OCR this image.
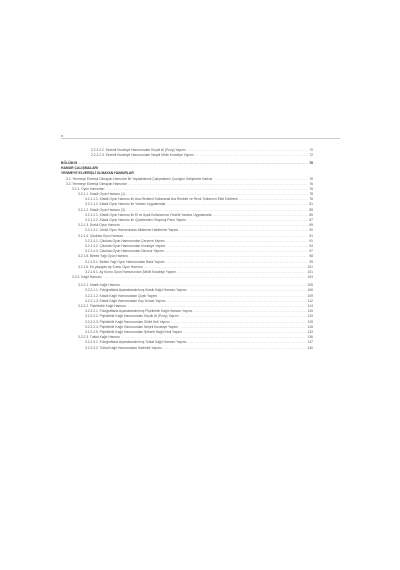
x
2.2.2.2.2. Sevimli Kurabiye Hamurundan Küçük Al (Pony) Yapımı .....	70
2.2.2.2.3. Sevimli Kurabiye Hamurundan Neşeli Minik Kurabiye Yapımı .....	72
BÖLÜM III .....	76
HAMUR ÇALIŞMALARI
YENMEYE ELVERİŞLİ OLMAYAN HAMURLAR
3.1. Yenmeye Elverişli Olmayan Hamurlar İle Yapılabilecek Çalışmaların Çocuğun Gelişimine Katkısı .....	76
3.2. Yenmeye Elverişli Olmayan Hamurlar .....	76
3.2.1. Oyun Hamurları .....	76
3.2.1.1. Klasik Oyun Hamuru (1) .....	78
3.2.1.1.1. Klasik Oyun Hamuru ile Ana Renkleri Kullanarak Ara Renkler ve Renk Tonlarının Elde Edilmesi .....	78
3.2.1.1.2. Klasik Oyun Hamuru ile Yaratıcı Uygulamalar .....	81
3.2.1.2. Klasik Oyun Hamuru (2) .....	85
3.2.1.2.1. Klasik Oyun Hamuru ile El ve Ayak Kullanımına Yönelik Yaratıcı Uygulamalar .....	85
3.2.1.2.2. Klasik Oyun Hamuru ile Çiçeklerden Oluşmuş Pano Yapımı .....	87
3.2.1.3. Ürekli Oyun Hamuru .....	89
3.2.1.3.1. Ürekli Oyun Hamurundan Alfabenin Harflerinin Yapımı .....	90
3.2.1.4. Çikolata Oyun Hamuru .....	91
3.2.1.4.1. Çikolata Oyun Hamurundan Çerçeve Yapımı .....	91
3.2.1.4.2. Çikolata Oyun Hamurundan Kurabiye Yapımı .....	94
3.2.1.4.3. Çikolata Oyun Hamurundan Dinozor Yapımı .....	97
3.2.1.5. Bebek Yağı Oyun Hamuru .....	98
3.2.1.5.1. Bebek Yağı Oyun Hamurundan Balık Yapımı .....	99
3.2.1.6. En yaşayan Ay Kumu Oyun Hamuru .....	101
3.2.1.6.1. Ay Kumu Oyun Hamurundan Şekilli Kurabiye Yapımı .....	101
3.2.2. Kağıt Hamuru .....	104
3.2.2.1. Klasik Kağıt Hamuru .....	105
3.2.2.1.1. Fotoğraflarla Aşamalandırılmış Klasik Kağıt Hamuru Yapımı .....	106
3.2.2.1.2. Klasik Kağıt Hamurundan Çiçek Yapımı .....	109
3.2.2.1.3. Klasik Kağıt Hamurundan Kuş Yuvası Yapımı .....	112
3.2.2.2. Pişirilebilir Kağıt Hamuru .....	114
3.2.2.2.1. Fotoğraflarla Aşamalandırılmış Pişirilebilir Kağıt Hamuru Yapımı .....	115
3.2.2.2.2. Pişirilebilir Kağıt Hamurundan Küçük At (Pony) Yapımı .....	119
3.2.2.2.3. Pişirilebilir Kağıt Hamurundan Sihirli Kek Yapımı .....	125
3.2.2.2.4. Pişirilebilir Kağıt Hamurundan Neşeli Kurabiye Yapımı .....	128
3.2.2.2.5. Pişirilebilir Kağıt Hamurundan Şekerle Bağlı Kedi Yapımı .....	133
3.2.2.3. Tutkal Kağıt Hamuru .....	136
3.2.2.3.1. Fotoğraflarla Aşamalandırılmış Tutkal Kağıt Hamuru Yapımı .....	137
3.2.2.3.2. Tutkal Kağıt Hamurundan Kalemlik Yapımı .....	140
